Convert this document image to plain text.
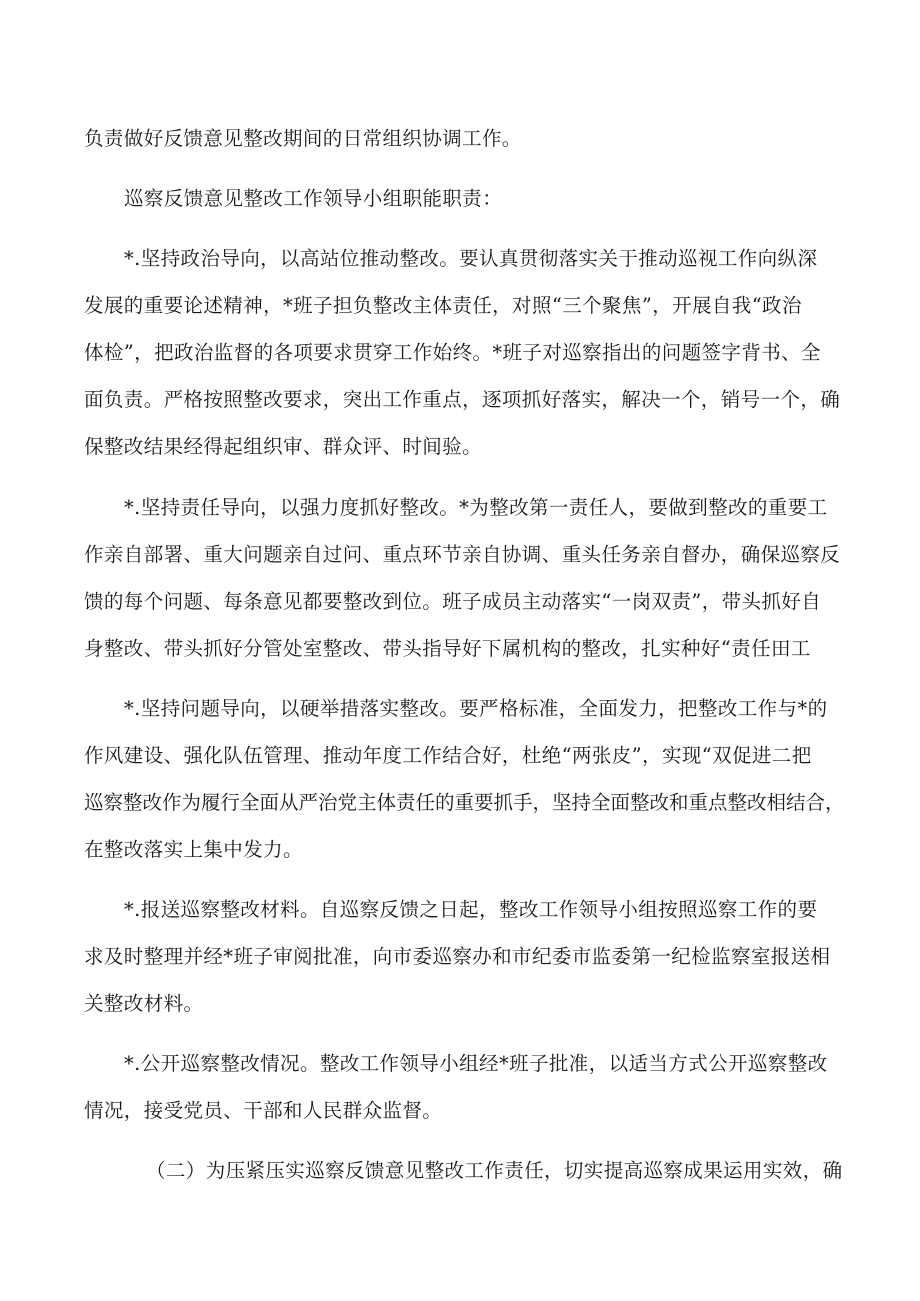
负责做好反馈意见整改期间的日常组织协调工作。
巡察反馈意见整改工作领导小组职能职责：
*.坚持政治导向，以高站位推动整改。要认真贯彻落实关于推动巡视工作向纵深
发展的重要论述精神，*班子担负整改主体责任，对照“三个聚焦”，开展自我“政治
体检”，把政治监督的各项要求贯穿工作始终。*班子对巡察指出的问题签字背书、全
面负责。严格按照整改要求，突出工作重点，逐项抓好落实，解决一个，销号一个，确
保整改结果经得起组织审、群众评、时间验。
*.坚持责任导向，以强力度抓好整改。*为整改第一责任人，要做到整改的重要工
作亲自部署、重大问题亲自过问、重点环节亲自协调、重头任务亲自督办，确保巡察反
馈的每个问题、每条意见都要整改到位。班子成员主动落实“一岗双责”，带头抓好自
身整改、带头抓好分管处室整改、带头指导好下属机构的整改，扎实种好“责任田工
*.坚持问题导向，以硬举措落实整改。要严格标准，全面发力，把整改工作与*的
作风建设、强化队伍管理、推动年度工作结合好，杜绝“两张皮”，实现“双促进二把
巡察整改作为履行全面从严治党主体责任的重要抓手，坚持全面整改和重点整改相结合，
在整改落实上集中发力。
*.报送巡察整改材料。自巡察反馈之日起，整改工作领导小组按照巡察工作的要
求及时整理并经*班子审阅批准，向市委巡察办和市纪委市监委第一纪检监察室报送相
关整改材料。
*.公开巡察整改情况。整改工作领导小组经*班子批准，以适当方式公开巡察整改
情况，接受党员、干部和人民群众监督。
（二）为压紧压实巡察反馈意见整改工作责任，切实提高巡察成果运用实效，确
